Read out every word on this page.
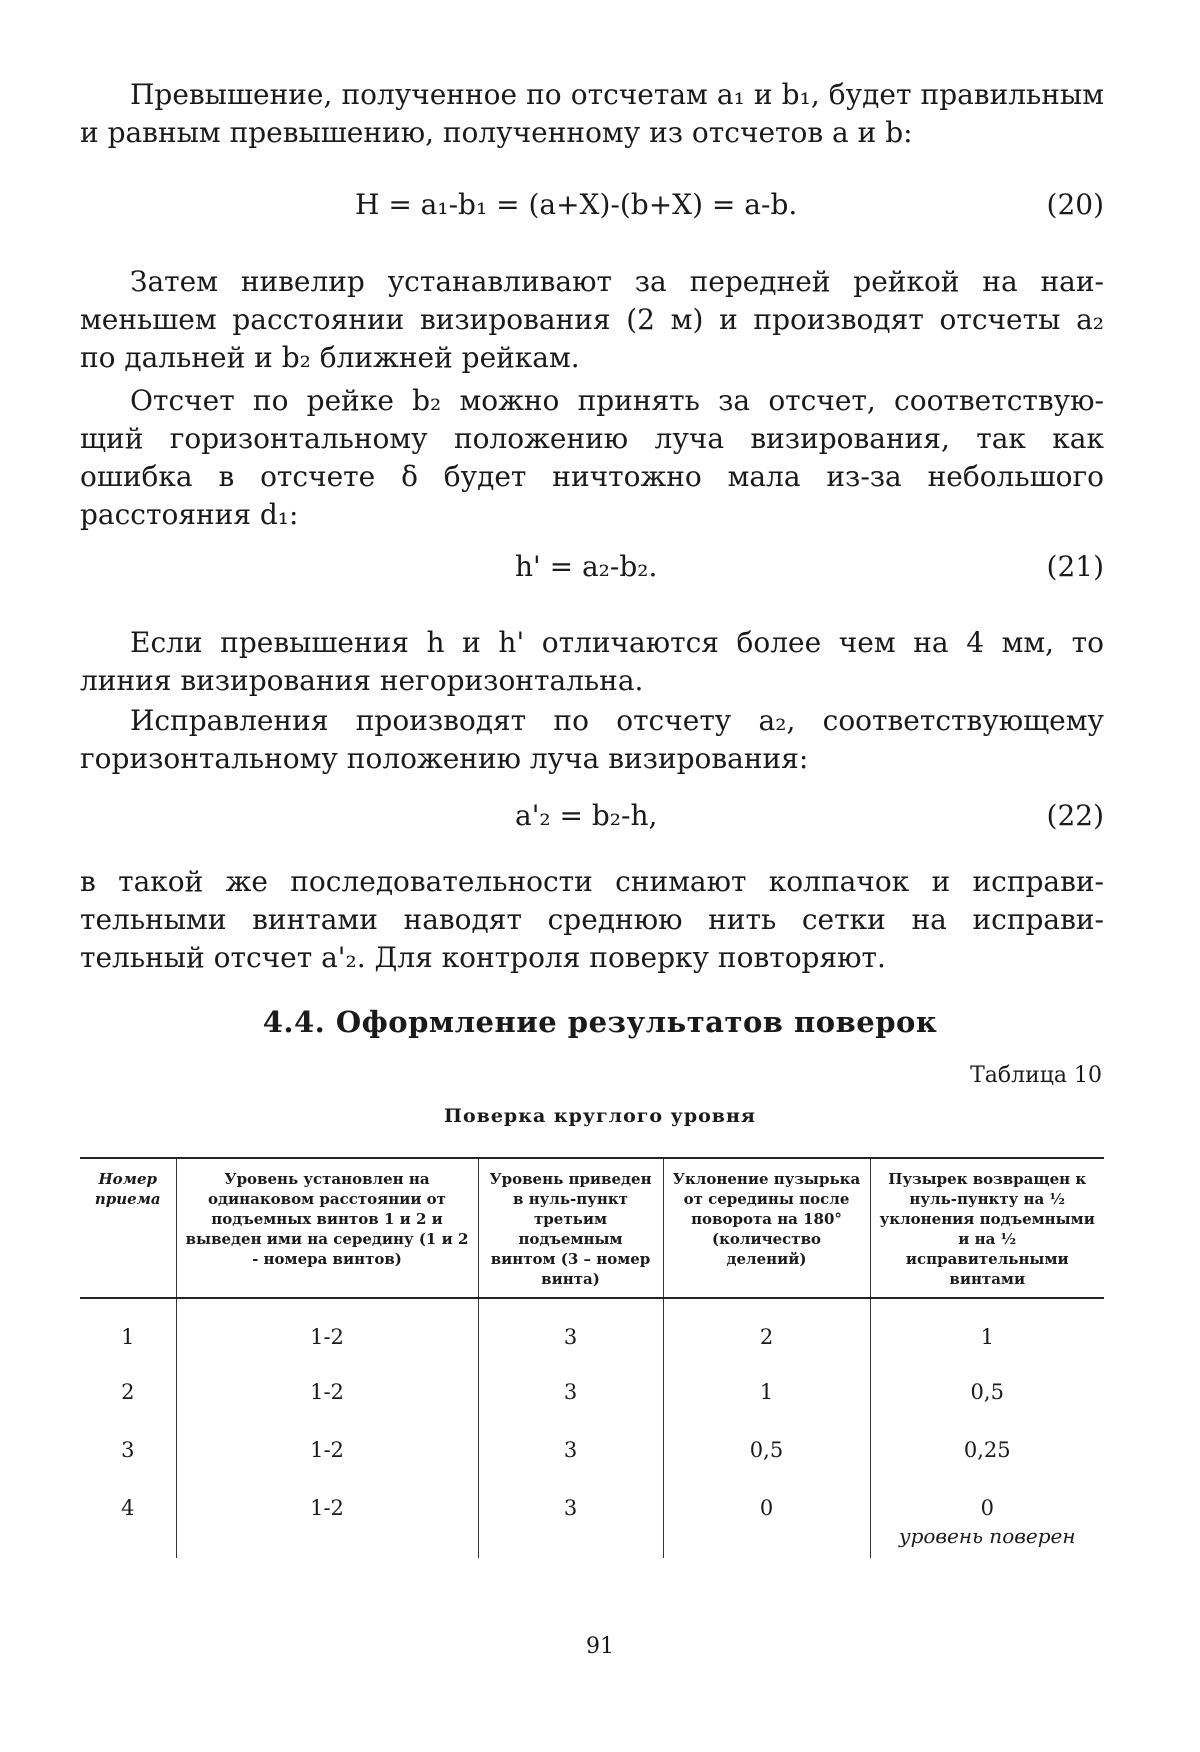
Превышение, полученное по отсчетам a₁ и b₁, будет правильным
и равным превышению, полученному из отсчетов a и b:
H = a₁-b₁ = (a+X)-(b+X) = a-b.	(20)
Затем нивелир устанавливают за передней рейкой на наи-
меньшем расстоянии визирования (2 м) и производят отсчеты a₂
по дальней и b₂ ближней рейкам.
Отсчет по рейке b₂ можно принять за отсчет, соответствую-
щий горизонтальному положению луча визирования, так как
ошибка в отсчете δ будет ничтожно мала из-за небольшого
расстояния d₁:
h' = a₂-b₂.	(21)
Если превышения h и h' отличаются более чем на 4 мм, то
линия визирования негоризонтальна.
Исправления производят по отсчету a₂, соответствующему
горизонтальному положению луча визирования:
a'₂ = b₂-h,	(22)
в такой же последовательности снимают колпачок и исправи-
тельными винтами наводят среднюю нить сетки на исправи-
тельный отсчет a'₂. Для контроля поверку повторяют.
4.4. Оформление результатов поверок
Таблица 10
Поверка круглого уровня
Номер приема	Уровень установлен на одинаковом расстоянии от подъемных винтов 1 и 2 и выведен ими на середину (1 и 2 - номера винтов)	Уровень приведен в нуль-пункт третьим подъемным винтом (3 – номер винта)	Уклонение пузырька от середины после поворота на 180° (количество делений)	Пузырек возвращен к нуль-пункту на ½ уклонения подъемными и на ½ исправительными винтами
1	1-2	3	2	1
2	1-2	3	1	0,5
3	1-2	3	0,5	0,25
4	1-2	3	0	0
уровень поверен
91
